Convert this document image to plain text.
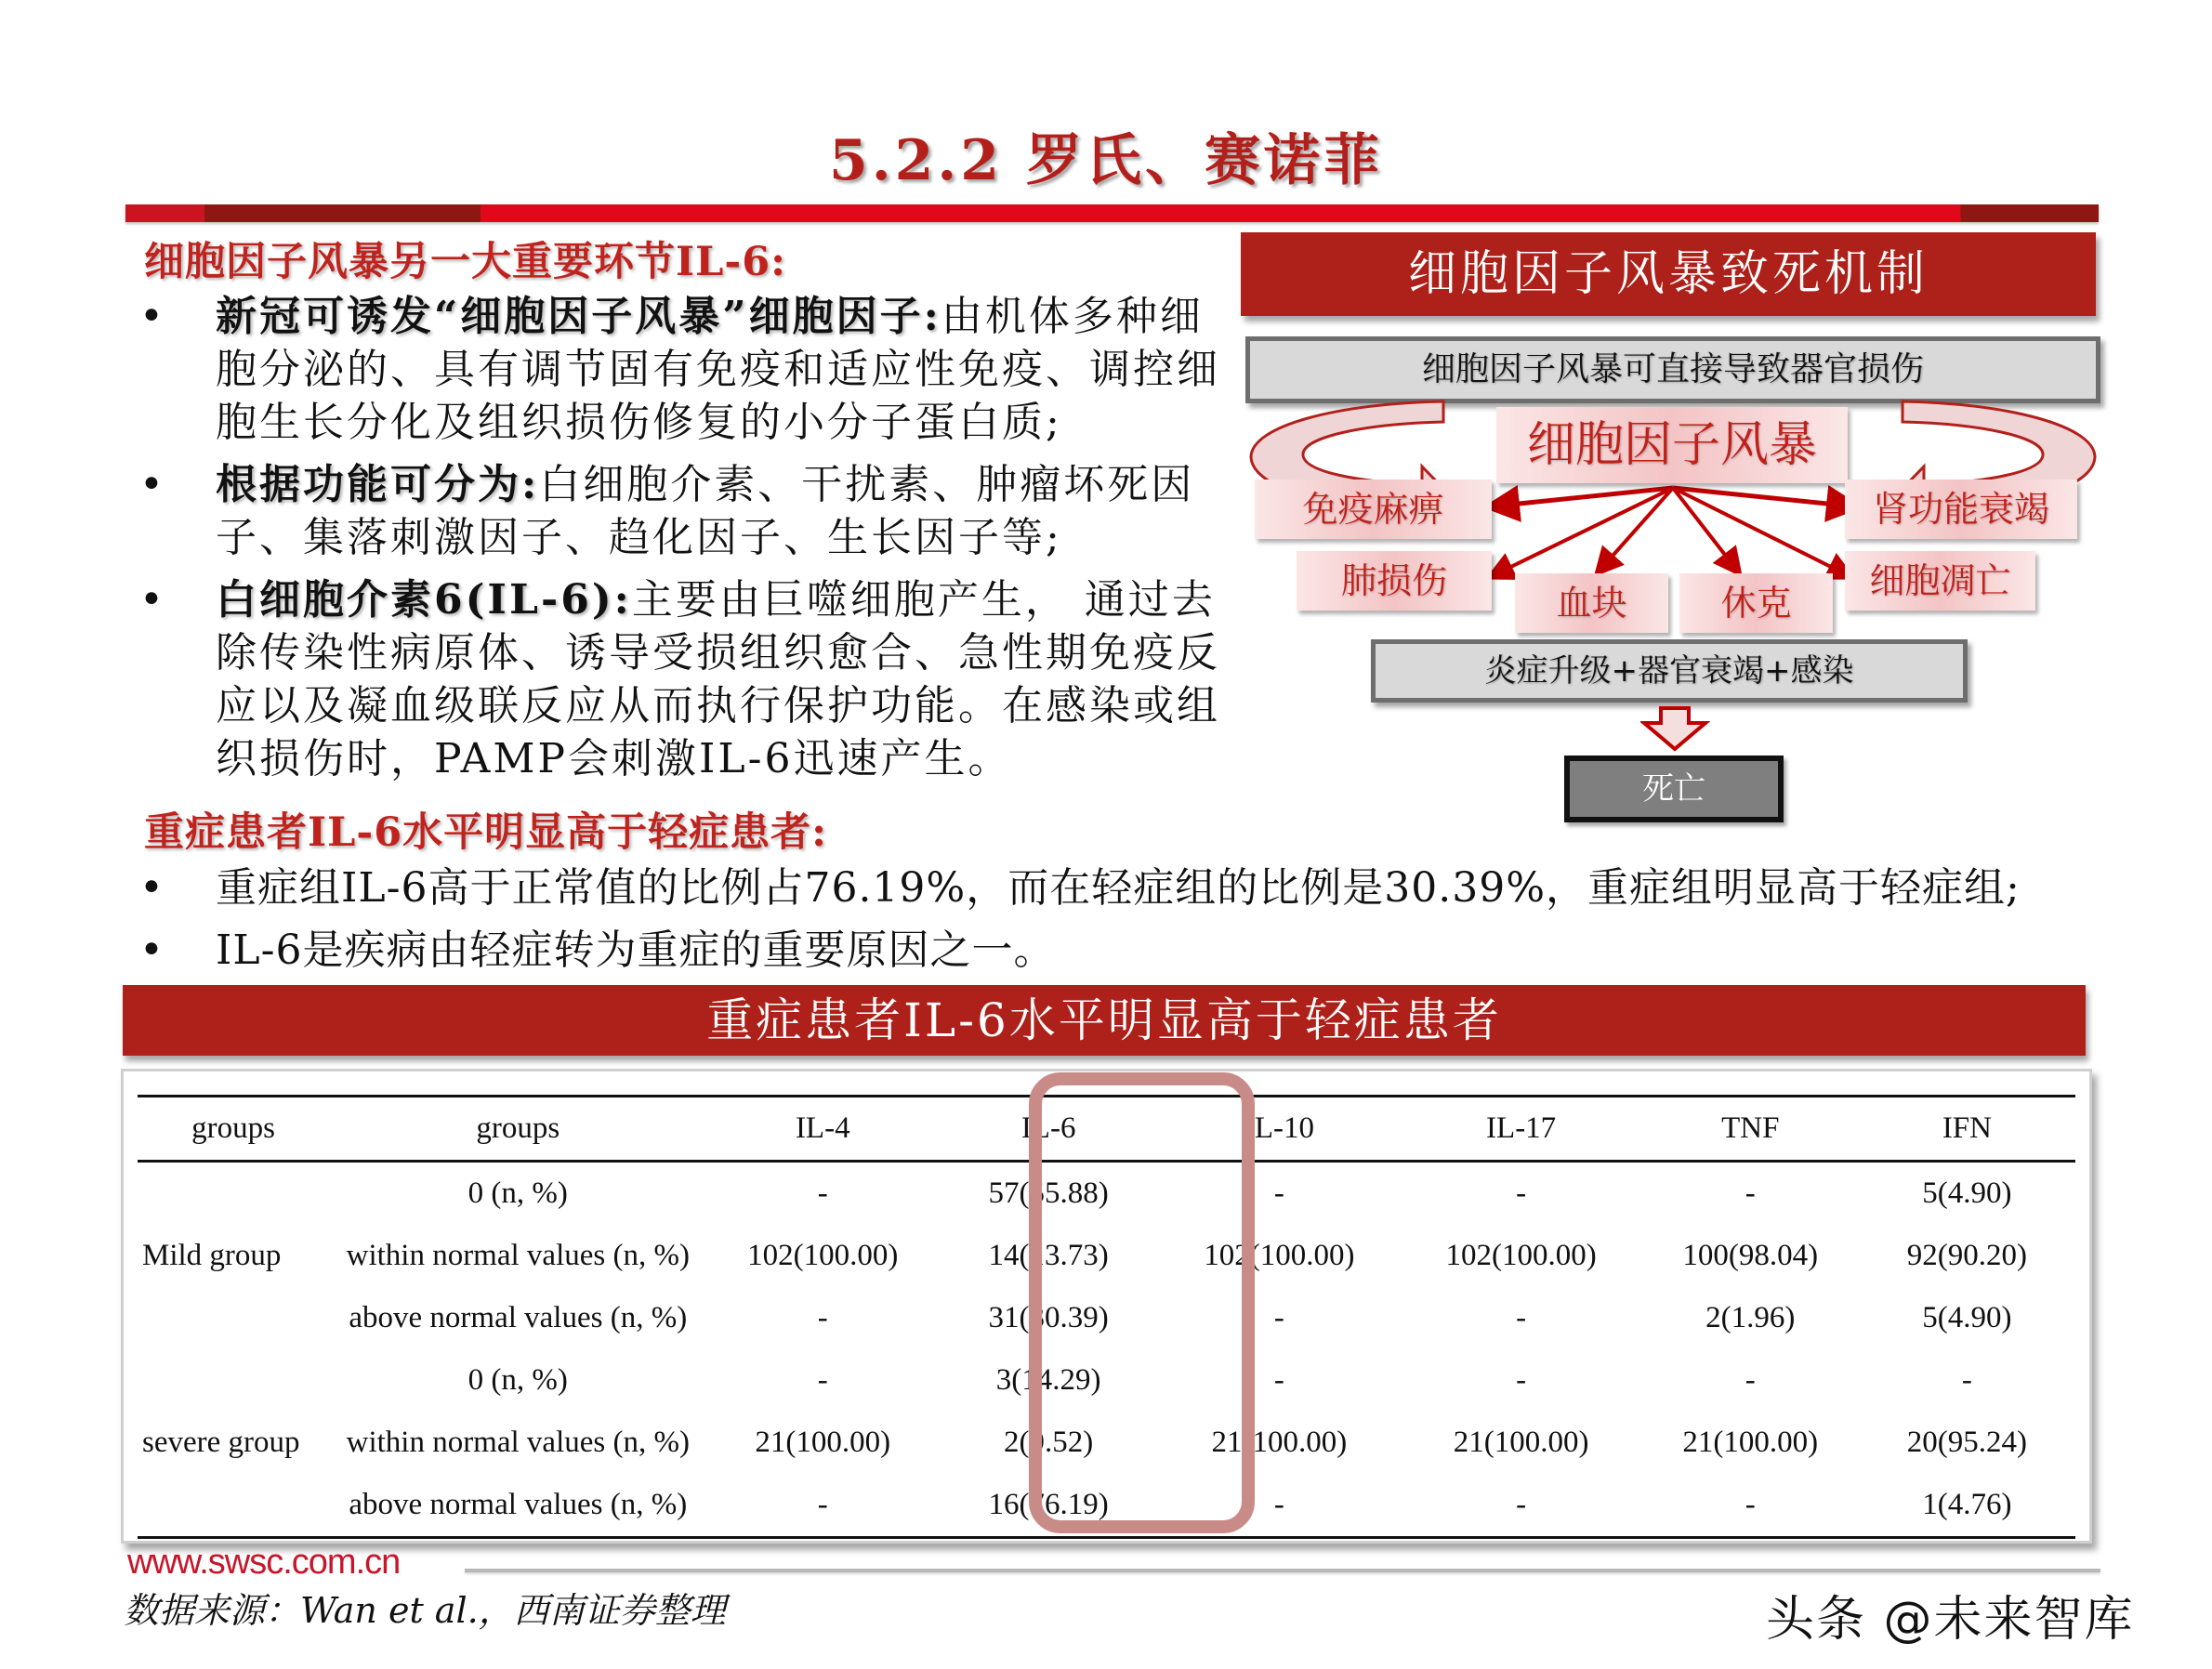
5.2.2 罗氏、赛诺菲
细胞因子风暴另一大重要环节IL-6:

• 新冠可诱发“细胞因子风暴”细胞因子:由机体多种细胞分泌的、具有调节固有免疫和适应性免疫、调控细胞生长分化及组织损伤修复的小分子蛋白质;

• 根据功能可分为:白细胞介素、干扰素、肿瘤坏死因子、集落刺激因子、趋化因子、生长因子等;

• 白细胞介素6(IL-6):主要由巨噬细胞产生， 通过去除传染性病原体、诱导受损组织愈合、急性期免疫反应以及凝血级联反应从而执行保护功能。在感染或组织损伤时，PAMP会刺激IL-6迅速产生。

重症患者IL-6水平明显高于轻症患者:

• 重症组IL-6高于正常值的比例占76.19%，而在轻症组的比例是30.39%，重症组明显高于轻症组;

• IL-6是疾病由轻症转为重症的重要原因之一。

细胞因子风暴致死机制
细胞因子风暴可直接导致器官损伤
细胞因子风暴
免疫麻痹	肾功能衰竭
肺损伤
血块	休克
细胞凋亡
炎症升级+器官衰竭+感染
死亡
重症患者IL-6水平明显高于轻症患者
groups	groups	IL-4	IL-6	IL-10	IL-17	TNF	IFN
	0 (n, %)	-	57(55.88)	-	-	-	5(4.90)
Mild group	within normal values (n, %)	102(100.00)	14(13.73)	102(100.00)	102(100.00)	100(98.04)	92(90.20)
	above normal values (n, %)	-	31(30.39)	-	-	2(1.96)	5(4.90)
	0 (n, %)	-	3(14.29)	-	-	-	-
severe group	within normal values (n, %)	21(100.00)	2(9.52)	21(100.00)	21(100.00)	21(100.00)	20(95.24)
	above normal values (n, %)	-	16(76.19)	-	-	-	1(4.76)
www.swsc.com.cn
数据来源：Wan et al.，西南证券整理	头条 @未来智库
